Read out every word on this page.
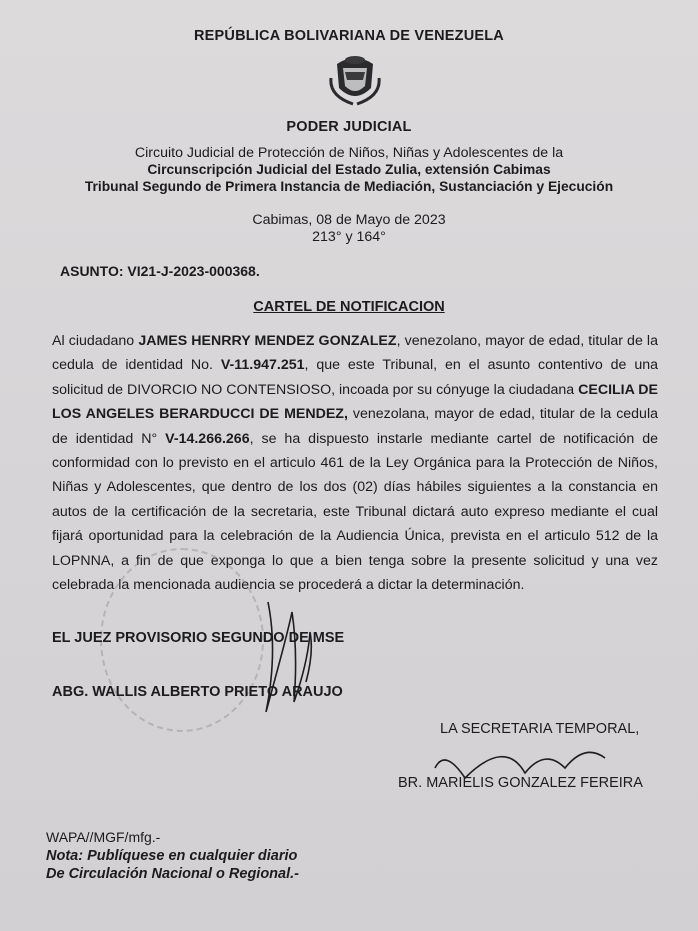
REPÚBLICA BOLIVARIANA DE VENEZUELA
PODER JUDICIAL
Circuito Judicial de Protección de Niños, Niñas y Adolescentes de la
Circunscripción Judicial del Estado Zulia, extensión Cabimas
Tribunal Segundo de Primera Instancia de Mediación, Sustanciación y Ejecución
Cabimas, 08 de Mayo de 2023
213° y 164°
ASUNTO: VI21-J-2023-000368.
CARTEL DE NOTIFICACION
Al ciudadano JAMES HENRRY MENDEZ GONZALEZ, venezolano, mayor de edad, titular de la cedula de identidad No. V-11.947.251, que este Tribunal, en el asunto contentivo de una solicitud de DIVORCIO NO CONTENSIOSO, incoada por su cónyuge la ciudadana CECILIA DE LOS ANGELES BERARDUCCI DE MENDEZ, venezolana, mayor de edad, titular de la cedula de identidad N° V-14.266.266, se ha dispuesto instarle mediante cartel de notificación de conformidad con lo previsto en el articulo 461 de la Ley Orgánica para la Protección de Niños, Niñas y Adolescentes, que dentro de los dos (02) días hábiles siguientes a la constancia en autos de la certificación de la secretaria, este Tribunal dictará auto expreso mediante el cual fijará oportunidad para la celebración de la Audiencia Única, prevista en el articulo 512 de la LOPNNA, a fin de que exponga lo que a bien tenga sobre la presente solicitud y una vez celebrada la mencionada audiencia se procederá a dictar la determinación.
EL JUEZ PROVISORIO SEGUNDO DE MSE
ABG. WALLIS ALBERTO PRIETO ARAUJO
LA SECRETARIA TEMPORAL,
BR. MARIELIS GONZALEZ FEREIRA
WAPA//MGF/mfg.-
Nota: Publíquese en cualquier diario
De Circulación Nacional o Regional.-
